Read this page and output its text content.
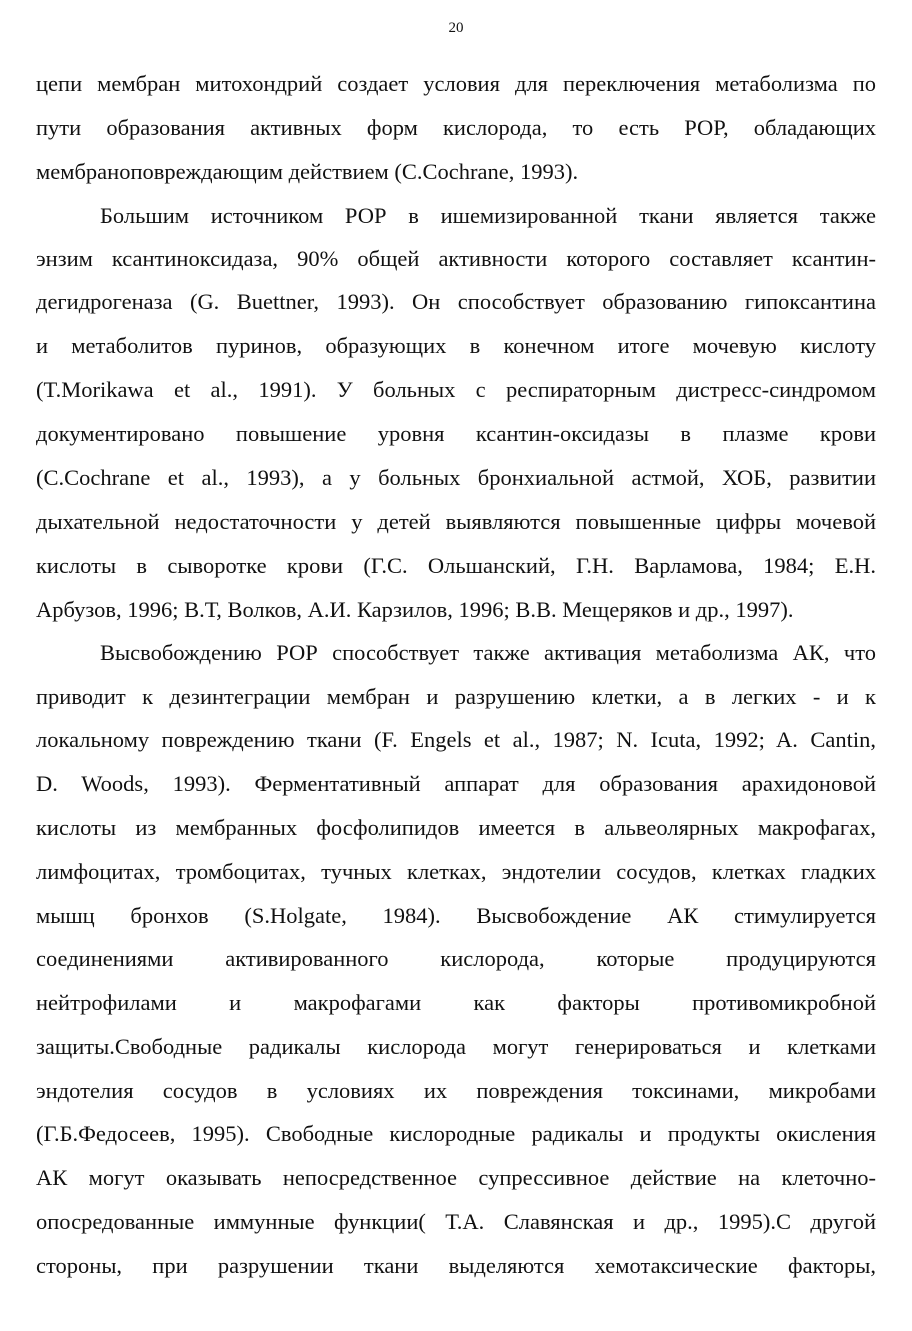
20
цепи мембран митохондрий создает условия для переключения метаболизма по
пути образования активных форм кислорода, то есть РОР, обладающих
мембраноповреждающим действием (C.Cochrane, 1993).
Большим источником РОР в ишемизированной ткани является также
энзим ксантиноксидаза, 90% общей активности которого составляет ксантин-
дегидрогеназа (G. Buettner, 1993). Он способствует образованию гипоксантина
и метаболитов пуринов, образующих в конечном итоге мочевую кислоту
(T.Morikawa et al., 1991). У больных с респираторным дистресс-синдромом
документировано повышение уровня ксантин-оксидазы в плазме крови
(C.Cochrane et al., 1993), а у больных бронхиальной астмой, ХОБ, развитии
дыхательной недостаточности у детей выявляются повышенные цифры мочевой
кислоты в сыворотке крови (Г.С. Ольшанский, Г.Н. Варламова, 1984; Е.Н.
Арбузов, 1996; В.Т, Волков, А.И. Карзилов, 1996; В.В. Мещеряков и др., 1997).
Высвобождению РОР способствует также активация метаболизма АК, что
приводит к дезинтеграции мембран и разрушению клетки, а в легких - и к
локальному повреждению ткани (F. Engels et al., 1987; N. Icuta, 1992; A. Cantin,
D. Woods, 1993). Ферментативный аппарат для образования арахидоновой
кислоты из мембранных фосфолипидов имеется в альвеолярных макрофагах,
лимфоцитах, тромбоцитах, тучных клетках, эндотелии сосудов, клетках гладких
мышц бронхов (S.Holgate, 1984). Высвобождение АК стимулируется
соединениями активированного кислорода, которые продуцируются
нейтрофилами и макрофагами как факторы противомикробной
защиты.Свободные радикалы кислорода могут генерироваться и клетками
эндотелия сосудов в условиях их повреждения токсинами, микробами
(Г.Б.Федосеев, 1995). Свободные кислородные радикалы и продукты окисления
АК могут оказывать непосредственное супрессивное действие на клеточно-
опосредованные иммунные функции( Т.А. Славянская и др., 1995).С другой
стороны, при разрушении ткани выделяются хемотаксические факторы,
